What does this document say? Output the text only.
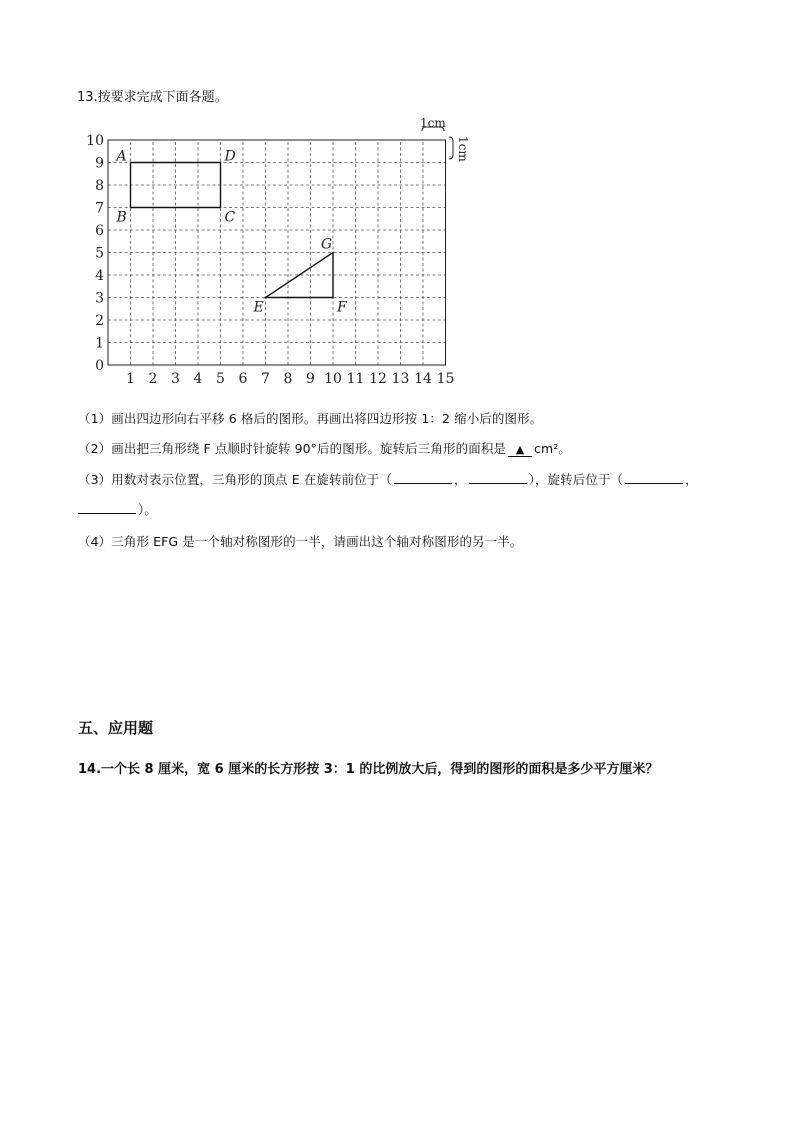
13.按要求完成下面各题。
1 2 3 4 5 6 7 8 9 10 11 12 13 14 15
0
1
2
3
4
5
6
7
8
9
10
1cm
1cm
A
B	C
D
E	F
G
（1）画出四边形向右平移 6 格后的图形。再画出将四边形按 1：2 缩小后的图形。
（2）画出把三角形绕 F 点顺时针旋转 90°后的图形。旋转后三角形的面积是 ▲ cm²。
（3）用数对表示位置，三角形的顶点 E 在旋转前位于（	，	），旋转后位于（	，
）。
（4）三角形 EFG 是一个轴对称图形的一半，请画出这个轴对称图形的另一半。
五、应用题
14.一个长 8 厘米，宽 6 厘米的长方形按 3：1 的比例放大后，得到的图形的面积是多少平方厘米？
